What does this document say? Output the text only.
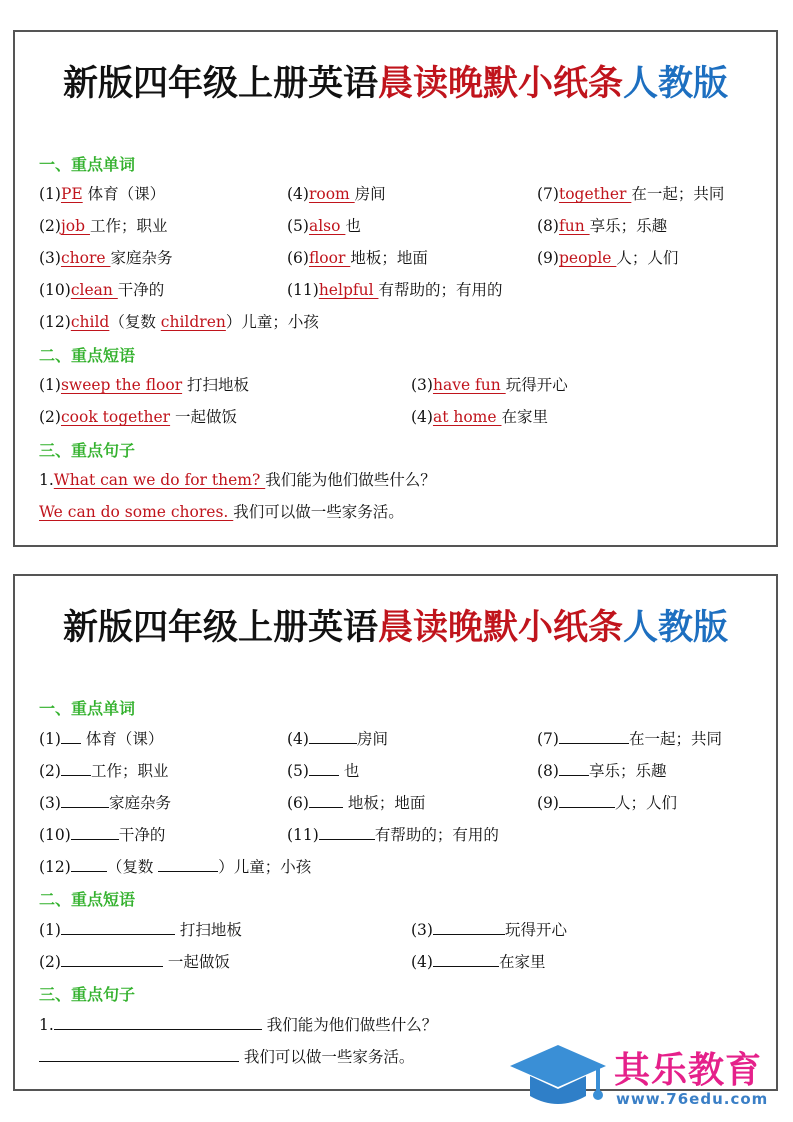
新版四年级上册英语晨读晚默小纸条人教版
一、重点单词
(1)PE 体育（课）	(4)room 房间	(7)together 在一起；共同
(2)job 工作；职业	(5)also 也	(8)fun 享乐；乐趣
(3)chore 家庭杂务	(6)floor 地板；地面	(9)people 人；人们
(10)clean 干净的	(11)helpful 有帮助的；有用的
(12)child（复数 children）儿童；小孩
二、重点短语
(1)sweep the floor 打扫地板	(3)have fun 玩得开心
(2)cook together 一起做饭	(4)at home 在家里
三、重点句子
1.What can we do for them? 我们能为他们做些什么？
We can do some chores. 我们可以做一些家务活。
新版四年级上册英语晨读晚默小纸条人教版
一、重点单词
(1) 体育（课）	(4)	房间	(7)	在一起；共同
(2) 工作；职业	(5) 也	(8) 享乐；乐趣
(3)	家庭杂务	(6) 地板；地面	(9)	人；人们
(10)	干净的	(11)	有帮助的；有用的
(12) （复数	）儿童；小孩
二、重点短语
(1)	打扫地板	(3)	玩得开心
(2)	一起做饭	(4)	在家里
三、重点句子
1.	我们能为他们做些什么？
我们可以做一些家务活。	其乐教育
www.76edu.com
